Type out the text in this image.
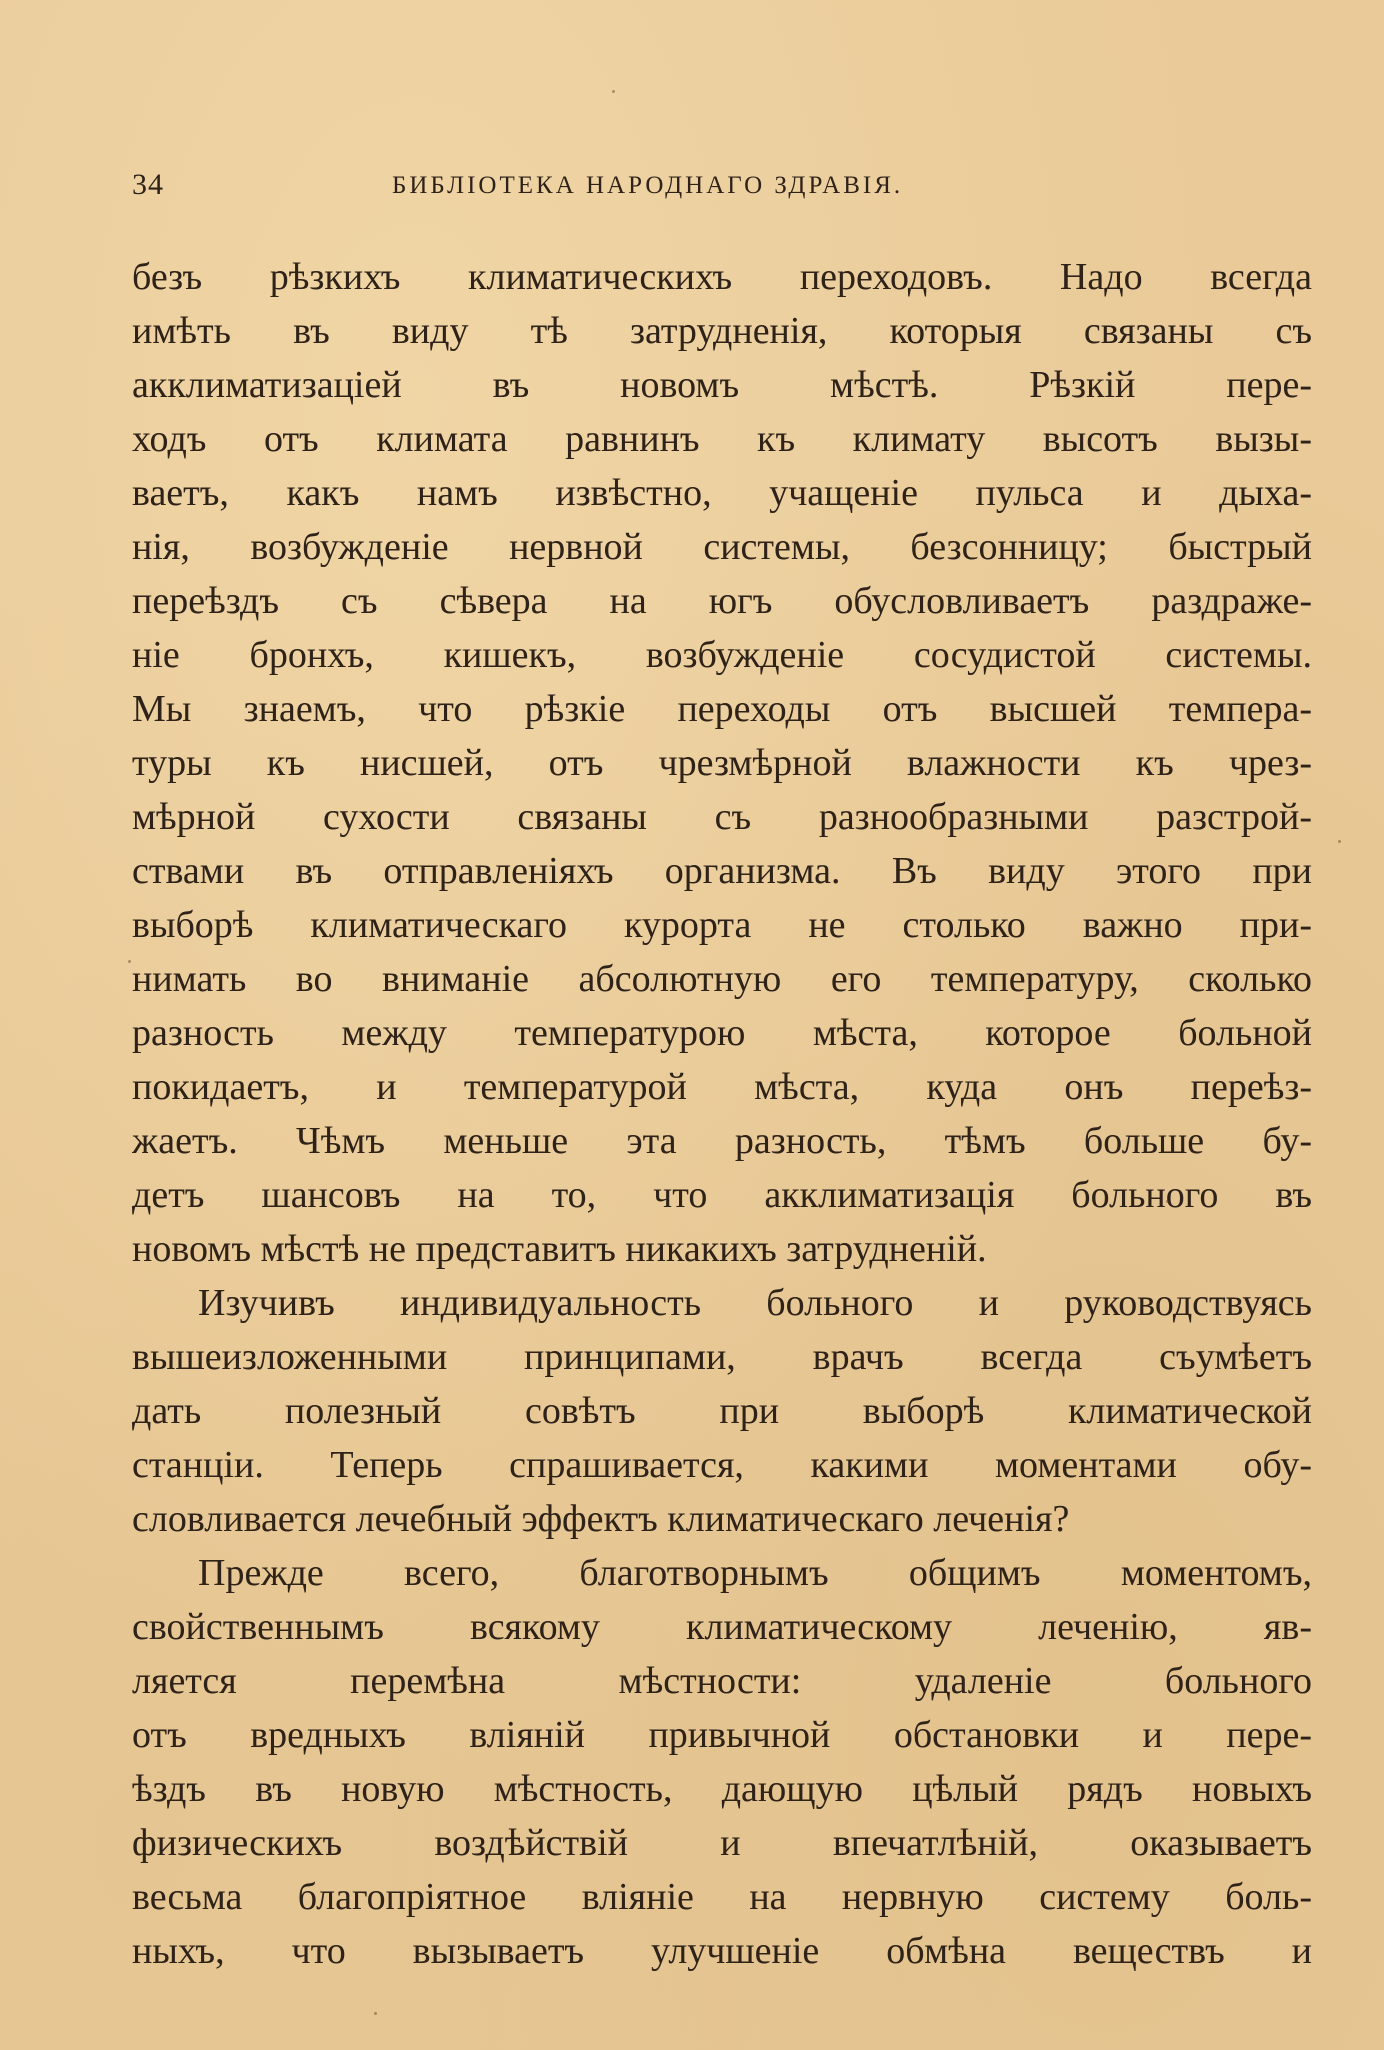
34	БИБЛІОТЕКА НАРОДНАГО ЗДРАВІЯ.
безъ рѣзкихъ климатическихъ переходовъ. Надо всегда
имѣть въ виду тѣ затрудненія, которыя связаны съ
акклиматизаціей въ новомъ мѣстѣ. Рѣзкій пере-
ходъ отъ климата равнинъ къ климату высотъ вызы-
ваетъ, какъ намъ извѣстно, учащеніе пульса и дыха-
нія, возбужденіе нервной системы, безсонницу; быстрый
переѣздъ съ сѣвера на югъ обусловливаетъ раздраже-
ніе бронхъ, кишекъ, возбужденіе сосудистой системы.
Мы знаемъ, что рѣзкіе переходы отъ высшей темпера-
туры къ нисшей, отъ чрезмѣрной влажности къ чрез-
мѣрной сухости связаны съ разнообразными разстрой-
ствами въ отправленіяхъ организма. Въ виду этого при
выборѣ климатическаго курорта не столько важно при-
нимать во вниманіе абсолютную его температуру, сколько
разность между температурою мѣста, которое больной
покидаетъ, и температурой мѣста, куда онъ переѣз-
жаетъ. Чѣмъ меньше эта разность, тѣмъ больше бу-
детъ шансовъ на то, что акклиматизація больного въ
новомъ мѣстѣ не представитъ никакихъ затрудненій.
Изучивъ индивидуальность больного и руководствуясь
вышеизложенными принципами, врачъ всегда съумѣетъ
дать полезный совѣтъ при выборѣ климатической
станціи. Теперь спрашивается, какими моментами обу-
словливается лечебный эффектъ климатическаго леченія?
Прежде всего, благотворнымъ общимъ моментомъ,
свойственнымъ всякому климатическому леченію, яв-
ляется перемѣна мѣстности: удаленіе больного
отъ вредныхъ вліяній привычной обстановки и пере-
ѣздъ въ новую мѣстность, дающую цѣлый рядъ новыхъ
физическихъ воздѣйствій и впечатлѣній, оказываетъ
весьма благопріятное вліяніе на нервную систему боль-
ныхъ, что вызываетъ улучшеніе обмѣна веществъ и
